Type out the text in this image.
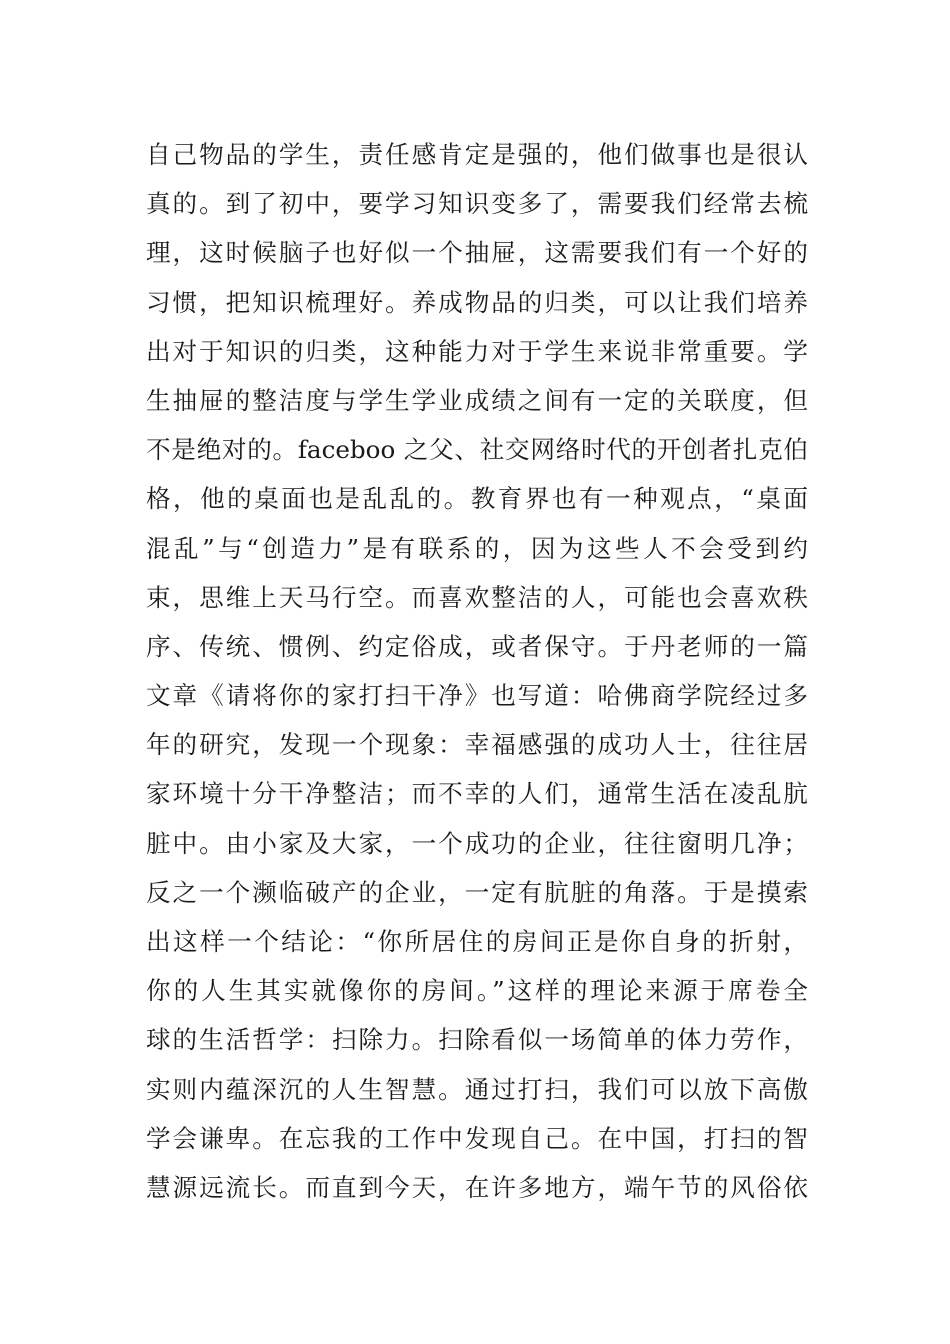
自己物品的学生，责任感肯定是强的，他们做事也是很认
真的。到了初中，要学习知识变多了，需要我们经常去梳
理，这时候脑子也好似一个抽屉，这需要我们有一个好的
习惯，把知识梳理好。养成物品的归类，可以让我们培养
出对于知识的归类，这种能力对于学生来说非常重要。学
生抽屉的整洁度与学生学业成绩之间有一定的关联度，但
不是绝对的。faceboo 之父、社交网络时代的开创者扎克伯
格，他的桌面也是乱乱的。教育界也有一种观点，“桌面
混乱”与“创造力”是有联系的，因为这些人不会受到约
束，思维上天马行空。而喜欢整洁的人，可能也会喜欢秩
序、传统、惯例、约定俗成，或者保守。于丹老师的一篇
文章《请将你的家打扫干净》也写道：哈佛商学院经过多
年的研究，发现一个现象：幸福感强的成功人士，往往居
家环境十分干净整洁；而不幸的人们，通常生活在凌乱肮
脏中。由小家及大家，一个成功的企业，往往窗明几净；
反之一个濒临破产的企业，一定有肮脏的角落。于是摸索
出这样一个结论：“你所居住的房间正是你自身的折射，
你的人生其实就像你的房间。”这样的理论来源于席卷全
球的生活哲学：扫除力。扫除看似一场简单的体力劳作，
实则内蕴深沉的人生智慧。通过打扫，我们可以放下高傲
学会谦卑。在忘我的工作中发现自己。在中国，打扫的智
慧源远流长。而直到今天，在许多地方，端午节的风俗依
